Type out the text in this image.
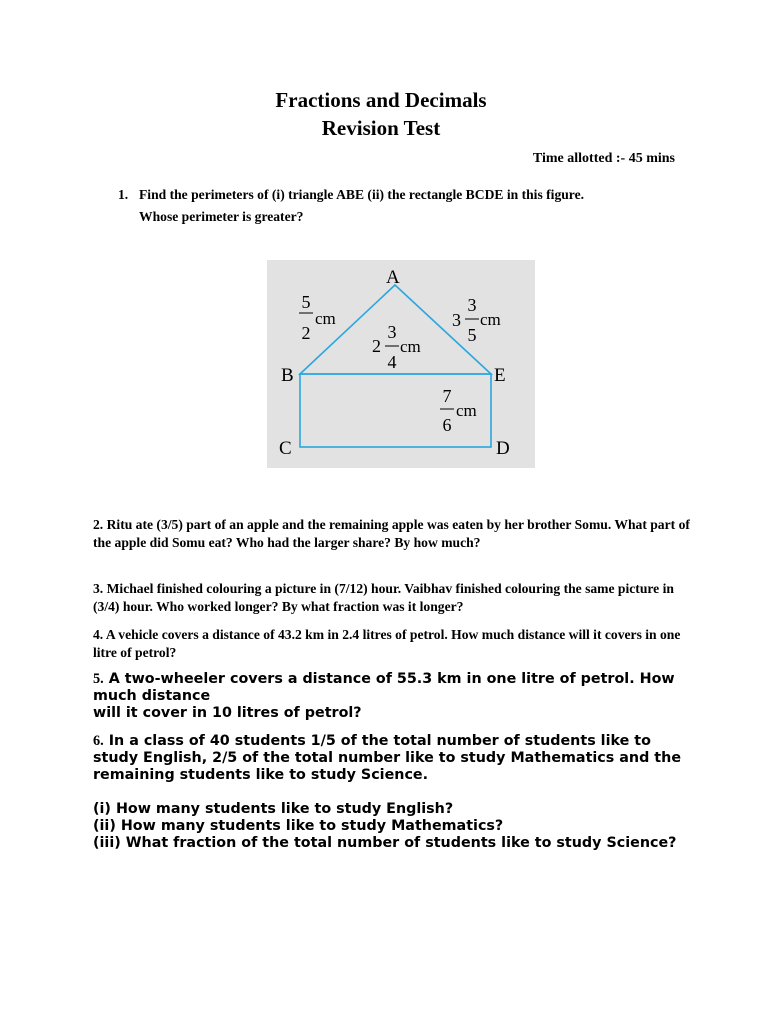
Fractions and Decimals
Revision Test
Time allotted :- 45 mins
1. Find the perimeters of (i) triangle ABE (ii) the rectangle BCDE in this figure.
Whose perimeter is greater?
A
B	E
C	D
5
2
cm	3
3
5
cm
2
3
4
cm
7
6
cm
2. Ritu ate (3/5) part of an apple and the remaining apple was eaten by her brother Somu. What part of the apple did Somu eat? Who had the larger share? By how much?
3. Michael finished colouring a picture in (7/12) hour. Vaibhav finished colouring the same picture in (3/4) hour. Who worked longer? By what fraction was it longer?
4. A vehicle covers a distance of 43.2 km in 2.4 litres of petrol. How much distance will it covers in one litre of petrol?
5. A two-wheeler covers a distance of 55.3 km in one litre of petrol. How much distance
will it cover in 10 litres of petrol?
6. In a class of 40 students 1/5 of the total number of students like to study English, 2/5 of the total number like to study Mathematics and the remaining students like to study Science.
(i) How many students like to study English?
(ii) How many students like to study Mathematics?
(iii) What fraction of the total number of students like to study Science?
